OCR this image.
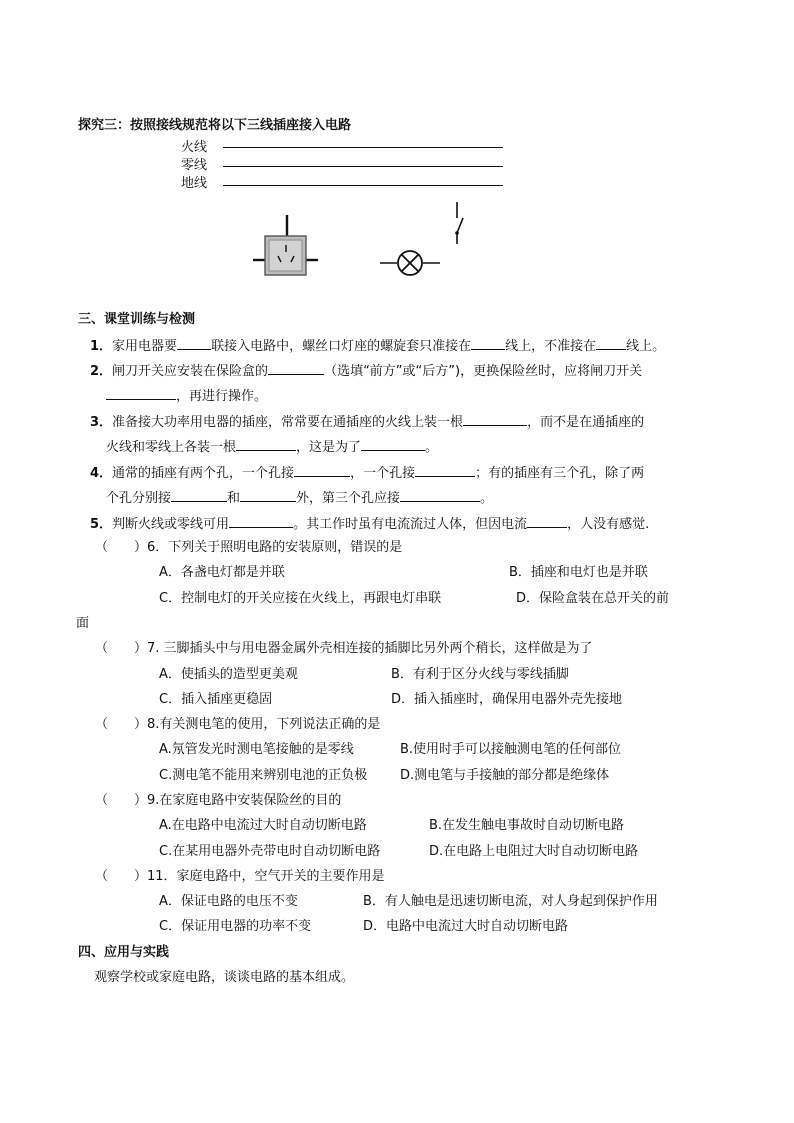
探究三：按照接线规范将以下三线插座接入电路
火线
零线
地线
三、课堂训练与检测
1．家用电器要	联接入电路中，螺丝口灯座的螺旋套只准接在	线上，不准接在 线上。
2．闸刀开关应安装在保险盒的	（选填“前方”或“后方”)，更换保险丝时，应将闸刀开关
，再进行操作。
3．准备接大功率用电器的插座，常常要在通插座的火线上装一根	，而不是在通插座的
火线和零线上各装一根	，这是为了	。
4．通常的插座有两个孔，一个孔接	，一个孔接	；有的插座有三个孔，除了两
个孔分别接	和	外，第三个孔应接	。
5．判断火线或零线可用	。其工作时虽有电流流过人体，但因电流	，人没有感觉.
（　　）6．下列关于照明电路的安装原则，错误的是
A．各盏电灯都是并联	B．插座和电灯也是并联
C．控制电灯的开关应接在火线上，再跟电灯串联	D．保险盒装在总开关的前
面
（　　）7. 三脚插头中与用电器金属外壳相连接的插脚比另外两个稍长，这样做是为了
A．使插头的造型更美观	B．有利于区分火线与零线插脚
C．插入插座更稳固	D．插入插座时，确保用电器外壳先接地
（　　）8.有关测电笔的使用，下列说法正确的是
A.氖管发光时测电笔接触的是零线	B.使用时手可以接触测电笔的任何部位
C.测电笔不能用来辨别电池的正负极	D.测电笔与手接触的部分都是绝缘体
（　　）9.在家庭电路中安装保险丝的目的
A.在电路中电流过大时自动切断电路	B.在发生触电事故时自动切断电路
C.在某用电器外壳带电时自动切断电路	D.在电路上电阻过大时自动切断电路
（　　）11．家庭电路中，空气开关的主要作用是
A．保证电路的电压不变	B．有人触电是迅速切断电流，对人身起到保护作用
C．保证用电器的功率不变	D．电路中电流过大时自动切断电路
四、应用与实践
观察学校或家庭电路，谈谈电路的基本组成。
